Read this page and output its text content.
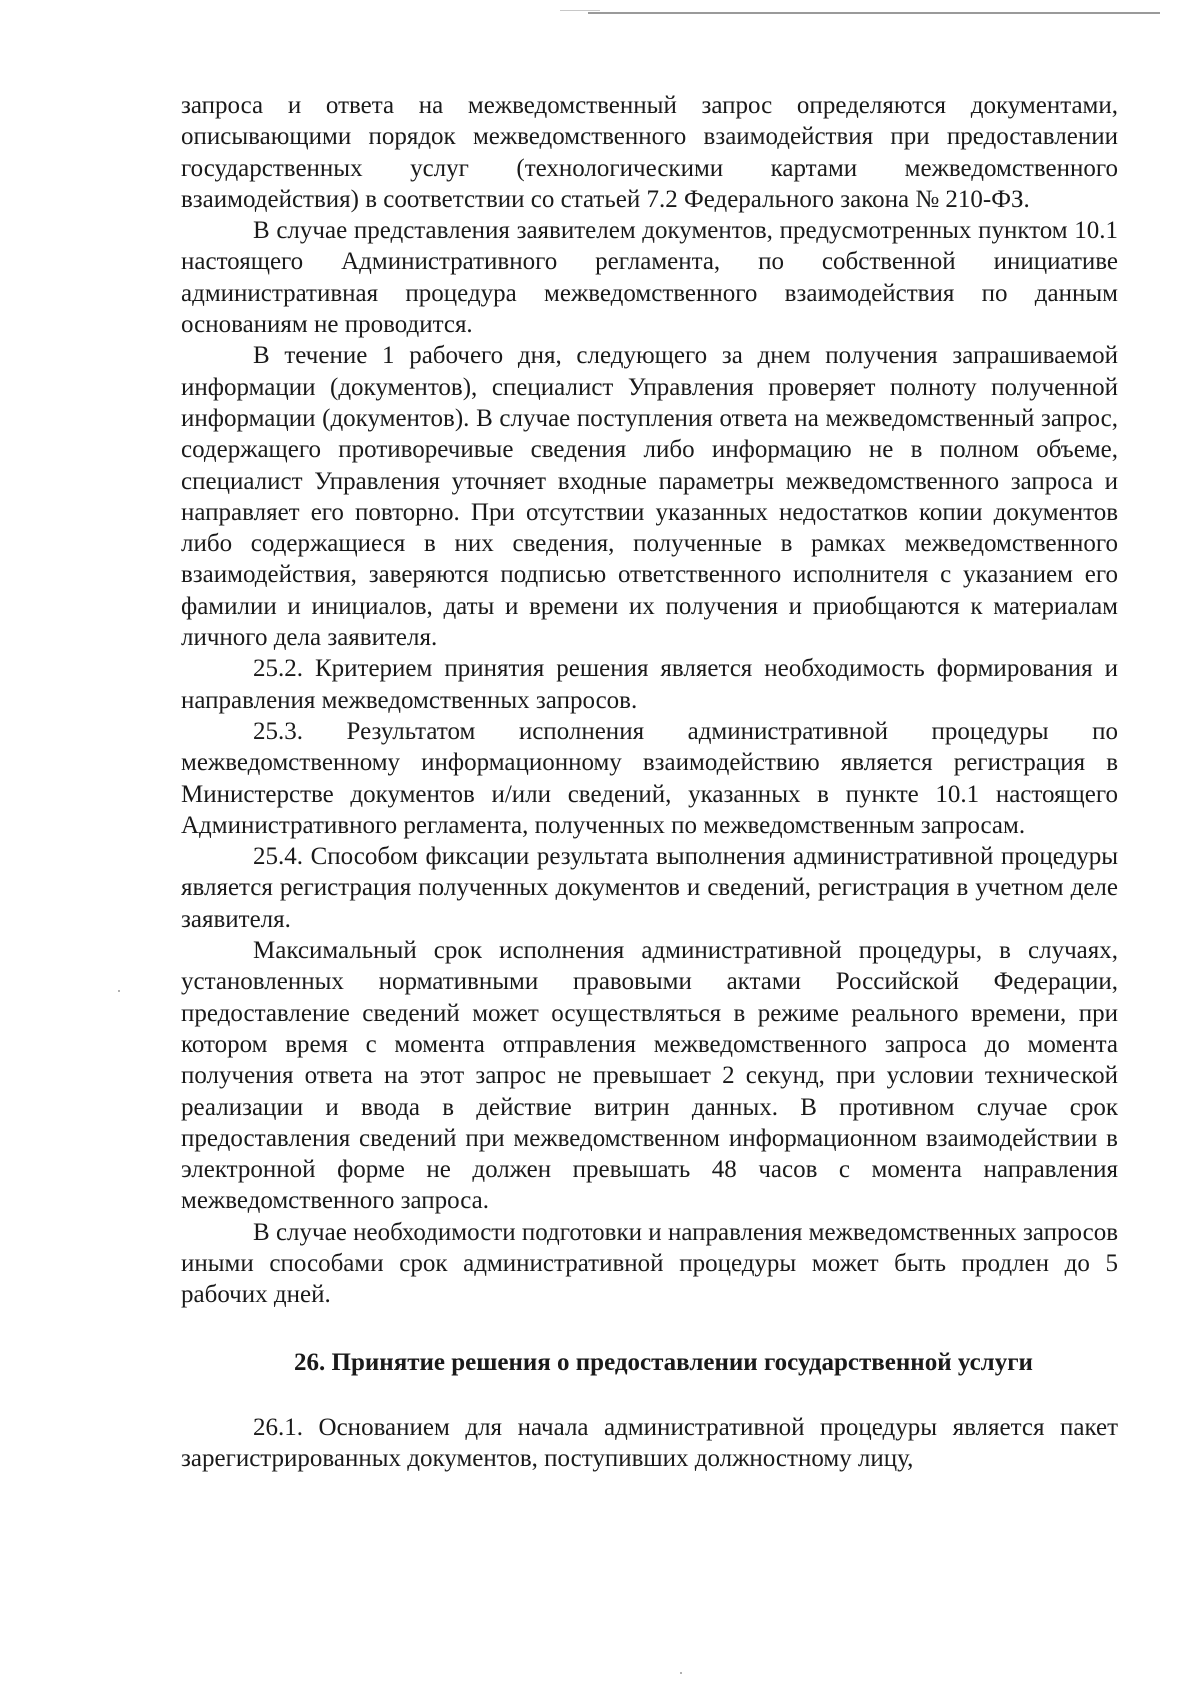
запроса и ответа на межведомственный запрос определяются документами, описывающими порядок межведомственного взаимодействия при предоставлении государственных услуг (технологическими картами межведомственного взаимодействия) в соответствии со статьей 7.2 Федерального закона № 210-ФЗ.

В случае представления заявителем документов, предусмотренных пунктом 10.1 настоящего Административного регламента, по собственной инициативе административная процедура межведомственного взаимодействия по данным основаниям не проводится.

В течение 1 рабочего дня, следующего за днем получения запрашиваемой информации (документов), специалист Управления проверяет полноту полученной информации (документов). В случае поступления ответа на межведомственный запрос, содержащего противоречивые сведения либо информацию не в полном объеме, специалист Управления уточняет входные параметры межведомственного запроса и направляет его повторно. При отсутствии указанных недостатков копии документов либо содержащиеся в них сведения, полученные в рамках межведомственного взаимодействия, заверяются подписью ответственного исполнителя с указанием его фамилии и инициалов, даты и времени их получения и приобщаются к материалам личного дела заявителя.

25.2. Критерием принятия решения является необходимость формирования и направления межведомственных запросов.

25.3. Результатом исполнения административной процедуры по межведомственному информационному взаимодействию является регистрация в Министерстве документов и/или сведений, указанных в пункте 10.1 настоящего Административного регламента, полученных по межведомственным запросам.

25.4. Способом фиксации результата выполнения административной процедуры является регистрация полученных документов и сведений, регистрация в учетном деле заявителя.

Максимальный срок исполнения административной процедуры, в случаях, установленных нормативными правовыми актами Российской Федерации, предоставление сведений может осуществляться в режиме реального времени, при котором время с момента отправления межведомственного запроса до момента получения ответа на этот запрос не превышает 2 секунд, при условии технической реализации и ввода в действие витрин данных. В противном случае срок предоставления сведений при межведомственном информационном взаимодействии в электронной форме не должен превышать 48 часов с момента направления межведомственного запроса.

В случае необходимости подготовки и направления межведомственных запросов иными способами срок административной процедуры может быть продлен до 5 рабочих дней.

26. Принятие решения о предоставлении государственной услуги

26.1. Основанием для начала административной процедуры является пакет зарегистрированных документов, поступивших должностному лицу,
